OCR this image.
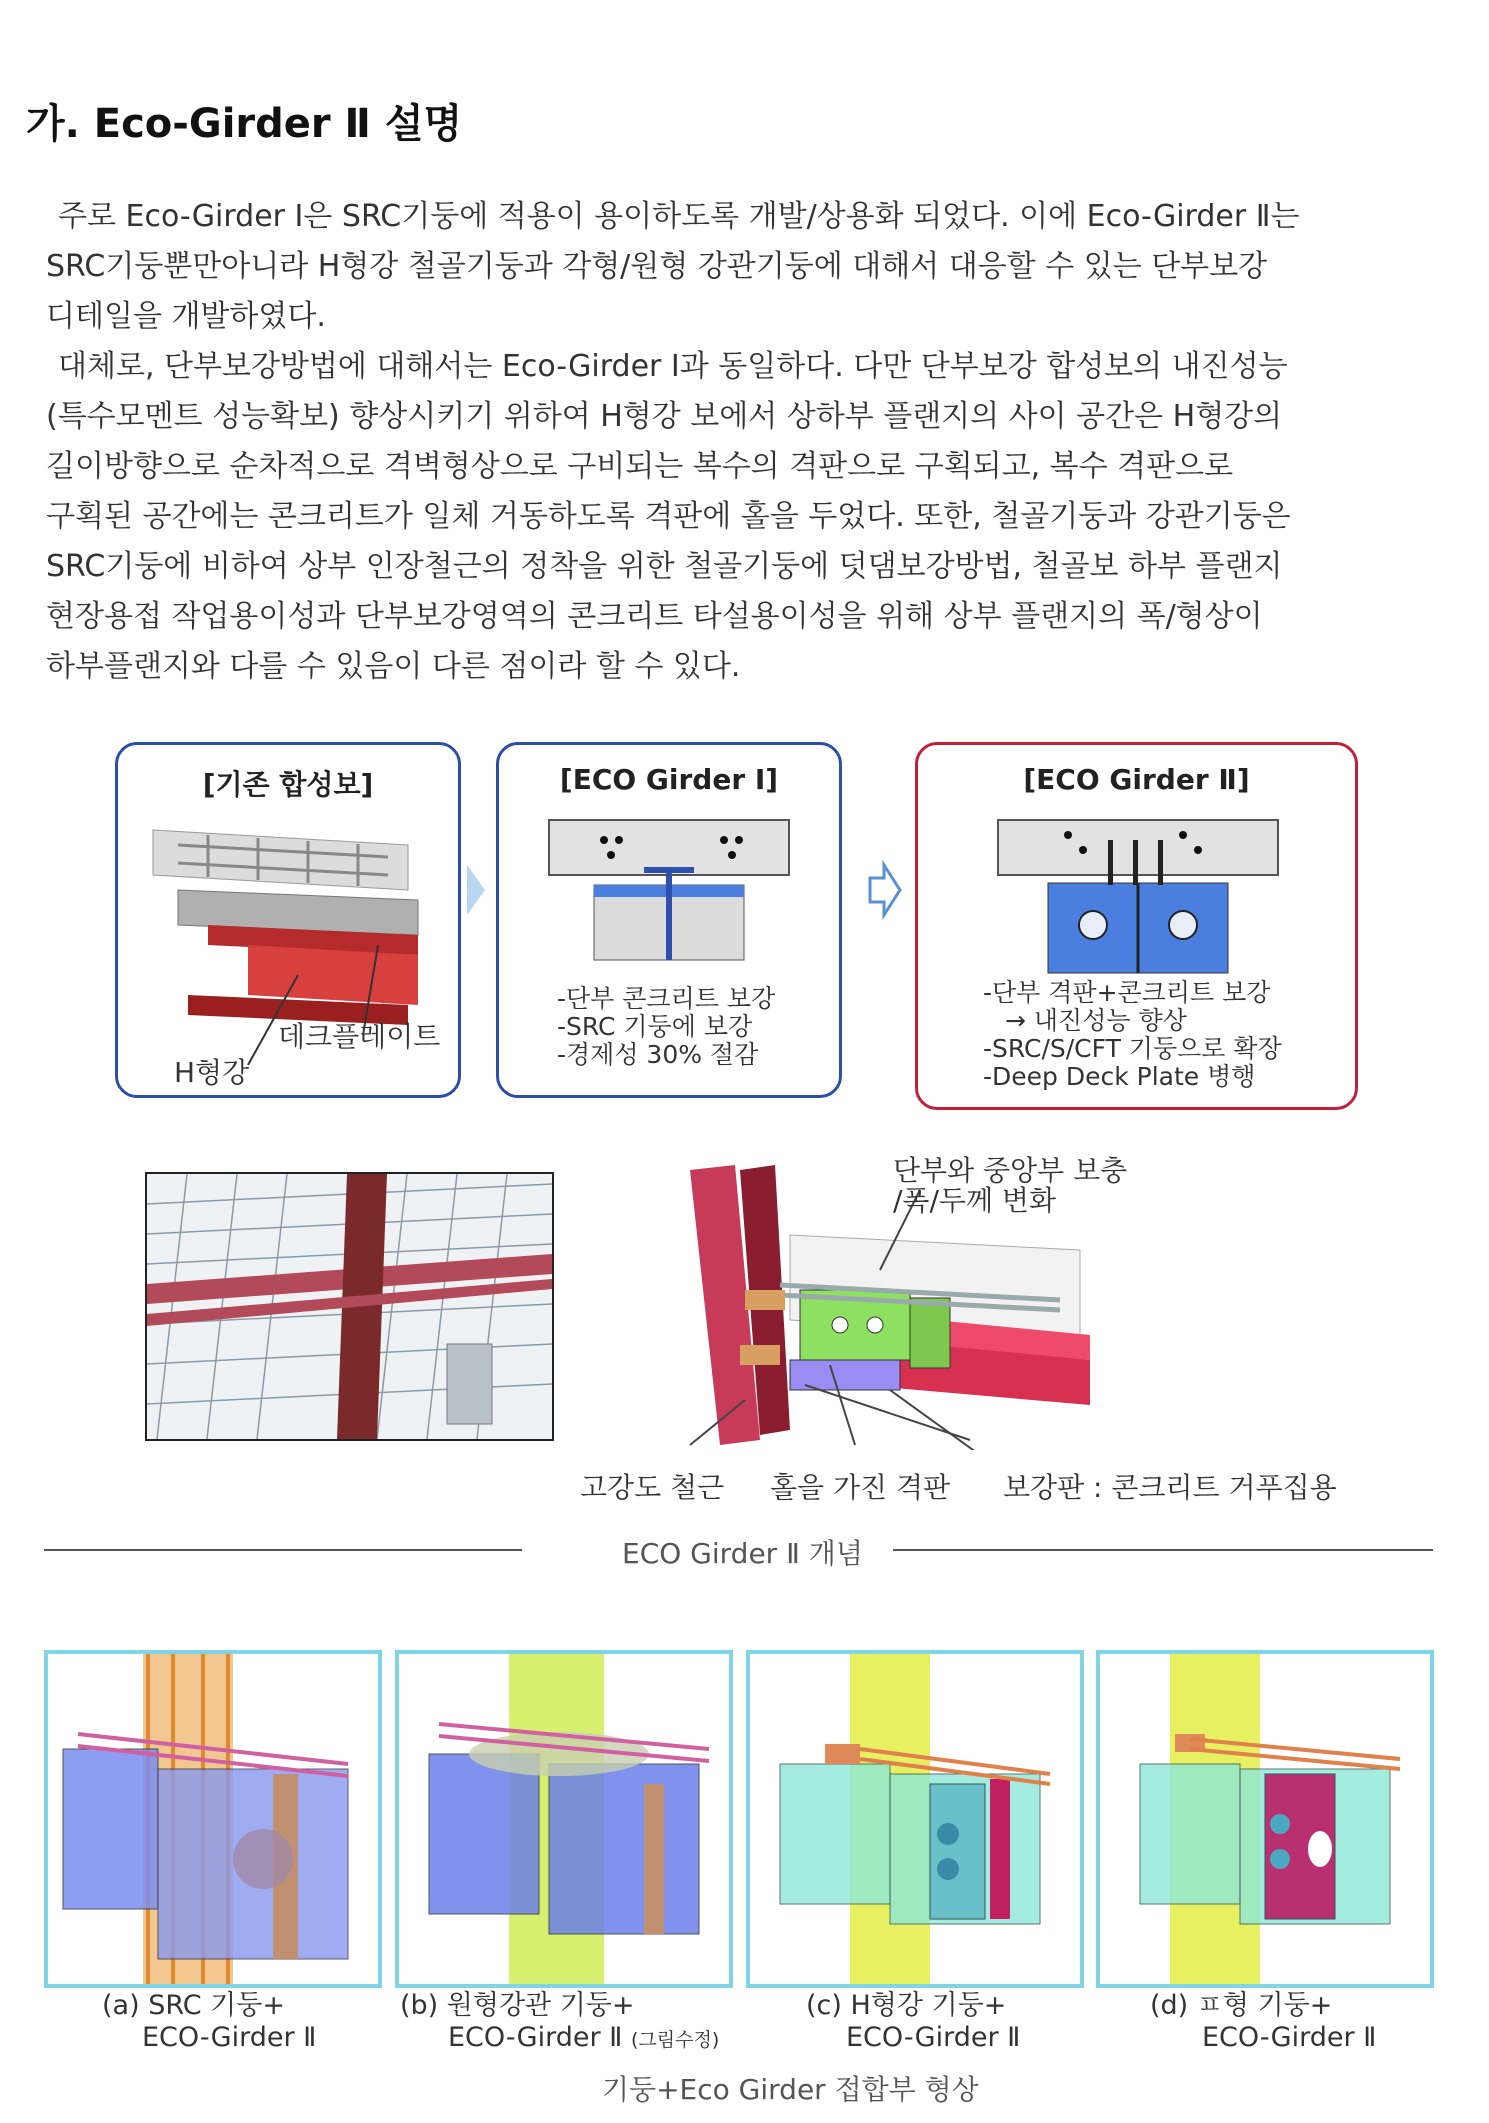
가. Eco-Girder Ⅱ 설명
주로 Eco-Girder I은 SRC기둥에 적용이 용이하도록 개발/상용화 되었다. 이에 Eco-Girder Ⅱ는
SRC기둥뿐만아니라 H형강 철골기둥과 각형/원형 강관기둥에 대해서 대응할 수 있는 단부보강
디테일을 개발하였다.
대체로, 단부보강방법에 대해서는 Eco-Girder I과 동일하다. 다만 단부보강 합성보의 내진성능
(특수모멘트 성능확보) 향상시키기 위하여 H형강 보에서 상하부 플랜지의 사이 공간은 H형강의
길이방향으로 순차적으로 격벽형상으로 구비되는 복수의 격판으로 구획되고, 복수 격판으로
구획된 공간에는 콘크리트가 일체 거동하도록 격판에 홀을 두었다. 또한, 철골기둥과 강관기둥은
SRC기둥에 비하여 상부 인장철근의 정착을 위한 철골기둥에 덧댐보강방법, 철골보 하부 플랜지
현장용접 작업용이성과 단부보강영역의 콘크리트 타설용이성을 위해 상부 플랜지의 폭/형상이
하부플랜지와 다를 수 있음이 다른 점이라 할 수 있다.
[기존 합성보]
데크플레이트
H형강
[ECO Girder Ⅰ]
-단부 콘크리트 보강
-SRC 기둥에 보강
-경제성 30% 절감
[ECO Girder Ⅱ]
-단부 격판+콘크리트 보강
→ 내진성능 향상
-SRC/S/CFT 기둥으로 확장
-Deep Deck Plate 병행
단부와 중앙부 보충
/폭/두께 변화
고강도 철근 홀을 가진 격판 보강판 : 콘크리트 거푸집용
ECO Girder Ⅱ 개념
(a) SRC 기둥+
ECO-Girder Ⅱ
(b) 원형강관 기둥+
ECO-Girder Ⅱ (그림수정)
(c) H형강 기둥+
ECO-Girder Ⅱ
(d) ㅍ형 기둥+
ECO-Girder Ⅱ
기둥+Eco Girder 접합부 형상
